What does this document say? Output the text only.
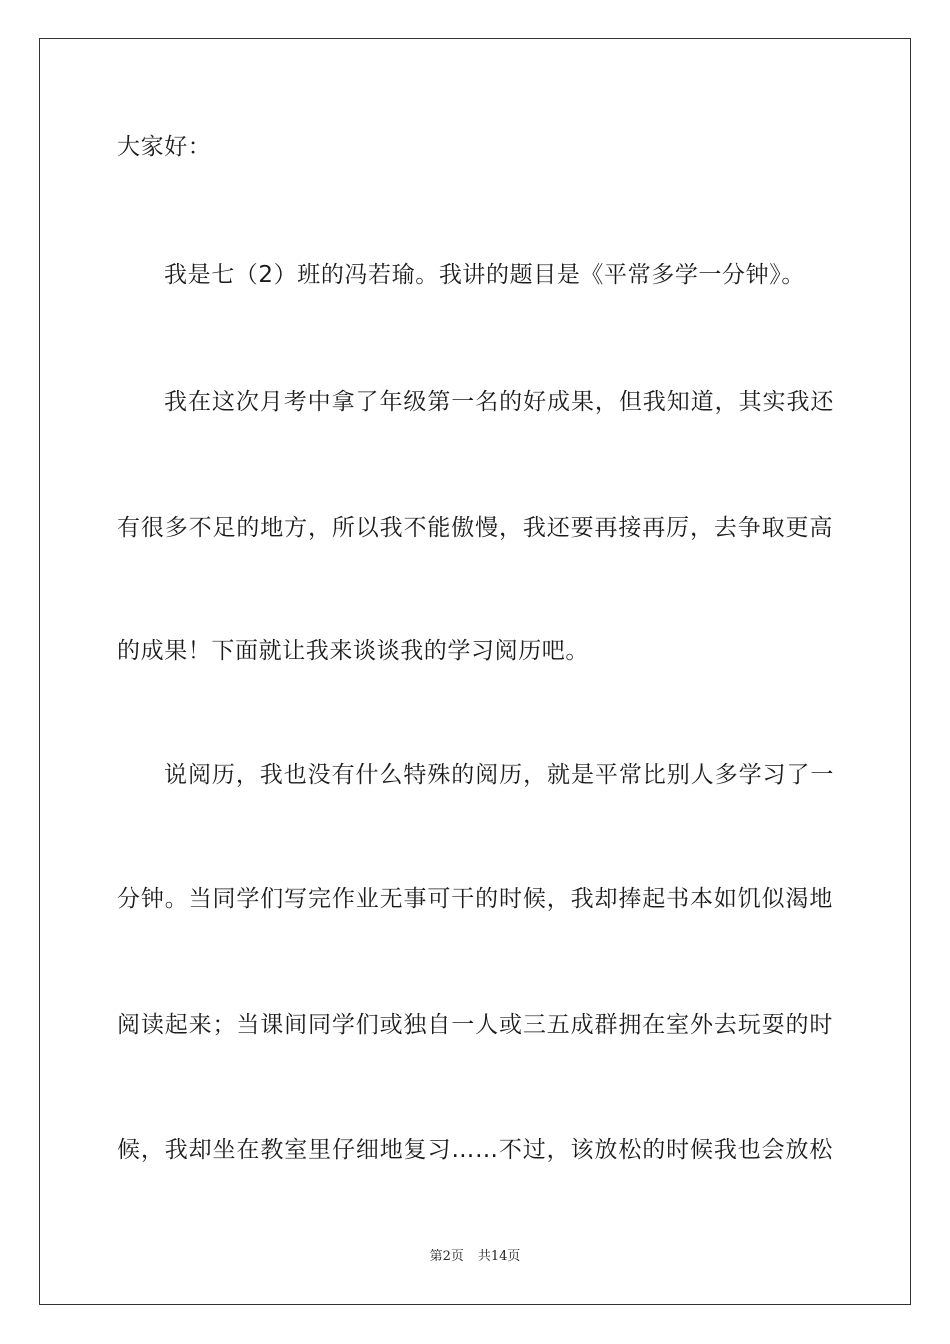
大家好：
我是七（2）班的冯若瑜。我讲的题目是《平常多学一分钟》。
我在这次月考中拿了年级第一名的好成果，但我知道，其实我还
有很多不足的地方，所以我不能傲慢，我还要再接再厉，去争取更高
的成果！下面就让我来谈谈我的学习阅历吧。
说阅历，我也没有什么特殊的阅历，就是平常比别人多学习了一
分钟。当同学们写完作业无事可干的时候，我却捧起书本如饥似渴地
阅读起来；当课间同学们或独自一人或三五成群拥在室外去玩耍的时
候，我却坐在教室里仔细地复习……不过，该放松的时候我也会放松
第2页 共14页
